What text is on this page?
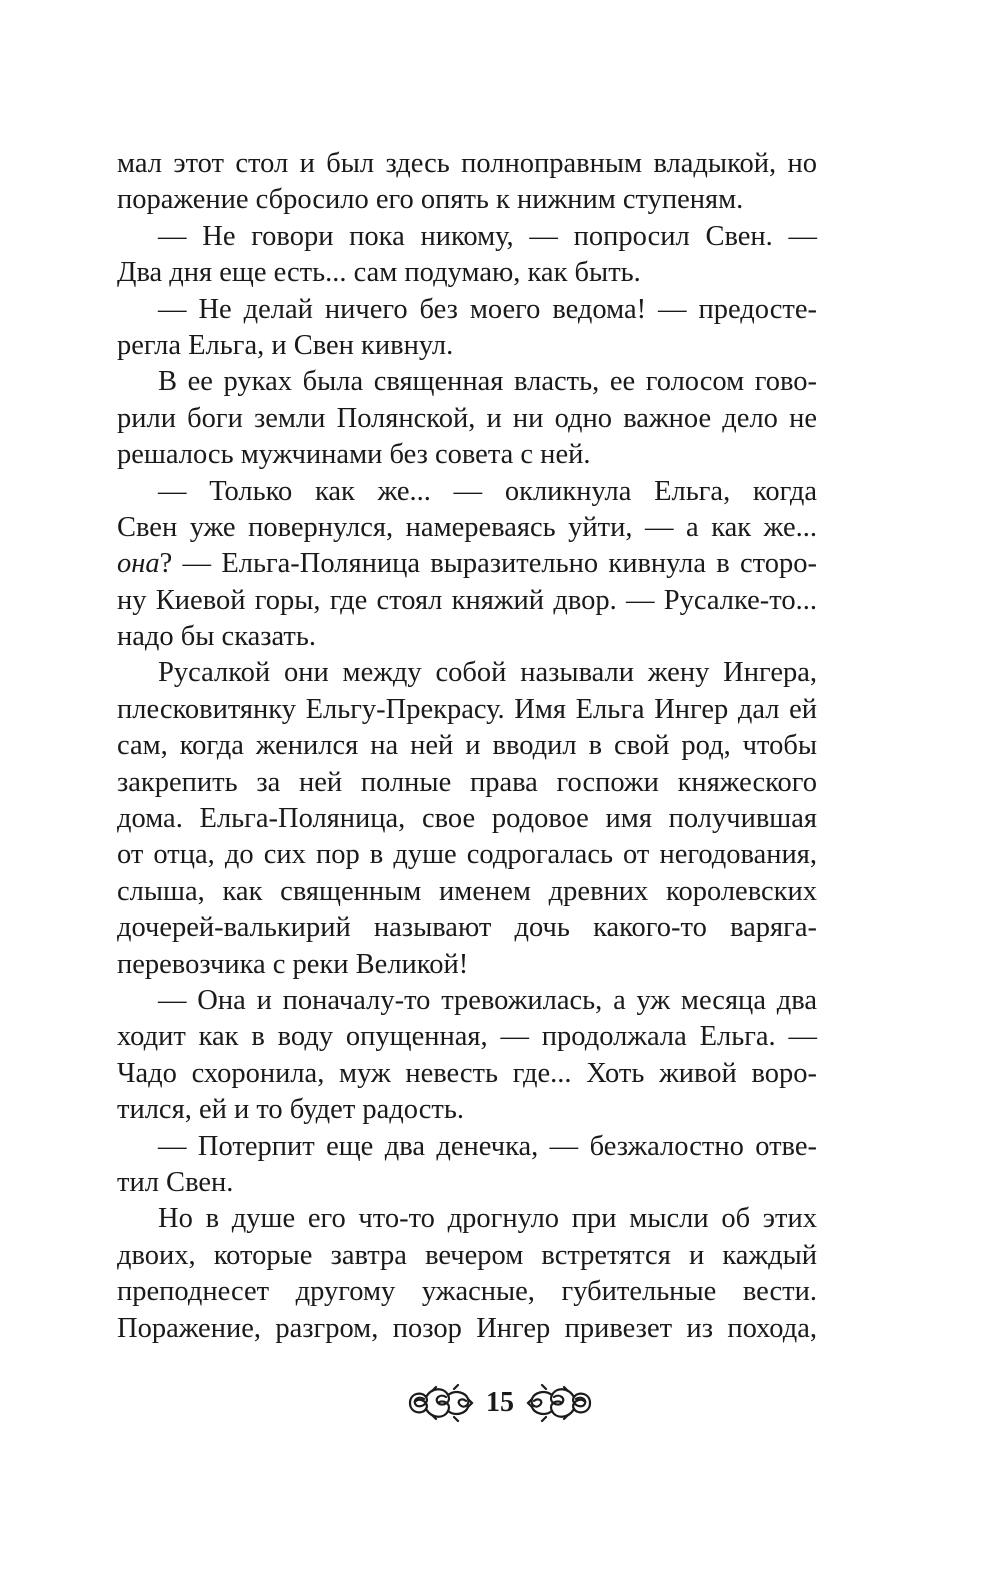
мал этот стол и был здесь полноправным владыкой, но
поражение сбросило его опять к нижним ступеням.
— Не говори пока никому, — попросил Свен. —
Два дня еще есть... сам подумаю, как быть.
— Не делай ничего без моего ведома! — предосте-
регла Ельга, и Свен кивнул.
В ее руках была священная власть, ее голосом гово-
рили боги земли Полянской, и ни одно важное дело не
решалось мужчинами без совета с ней.
— Только как же... — окликнула Ельга, когда
Свен уже повернулся, намереваясь уйти, — а как же...
она? — Ельга-Поляница выразительно кивнула в сторо-
ну Киевой горы, где стоял княжий двор. — Русалке-то...
надо бы сказать.
Русалкой они между собой называли жену Ингера,
плесковитянку Ельгу-Прекрасу. Имя Ельга Ингер дал ей
сам, когда женился на ней и вводил в свой род, чтобы
закрепить за ней полные права госпожи княжеского
дома. Ельга-Поляница, свое родовое имя получившая
от отца, до сих пор в душе содрогалась от негодования,
слыша, как священным именем древних королевских
дочерей-валькирий называют дочь какого-то варяга-
перевозчика с реки Великой!
— Она и поначалу-то тревожилась, а уж месяца два
ходит как в воду опущенная, — продолжала Ельга. —
Чадо схоронила, муж невесть где... Хоть живой воро-
тился, ей и то будет радость.
— Потерпит еще два денечка, — безжалостно отве-
тил Свен.
Но в душе его что-то дрогнуло при мысли об этих
двоих, которые завтра вечером встретятся и каждый
преподнесет другому ужасные, губительные вести.
Поражение, разгром, позор Ингер привезет из похода,
15
